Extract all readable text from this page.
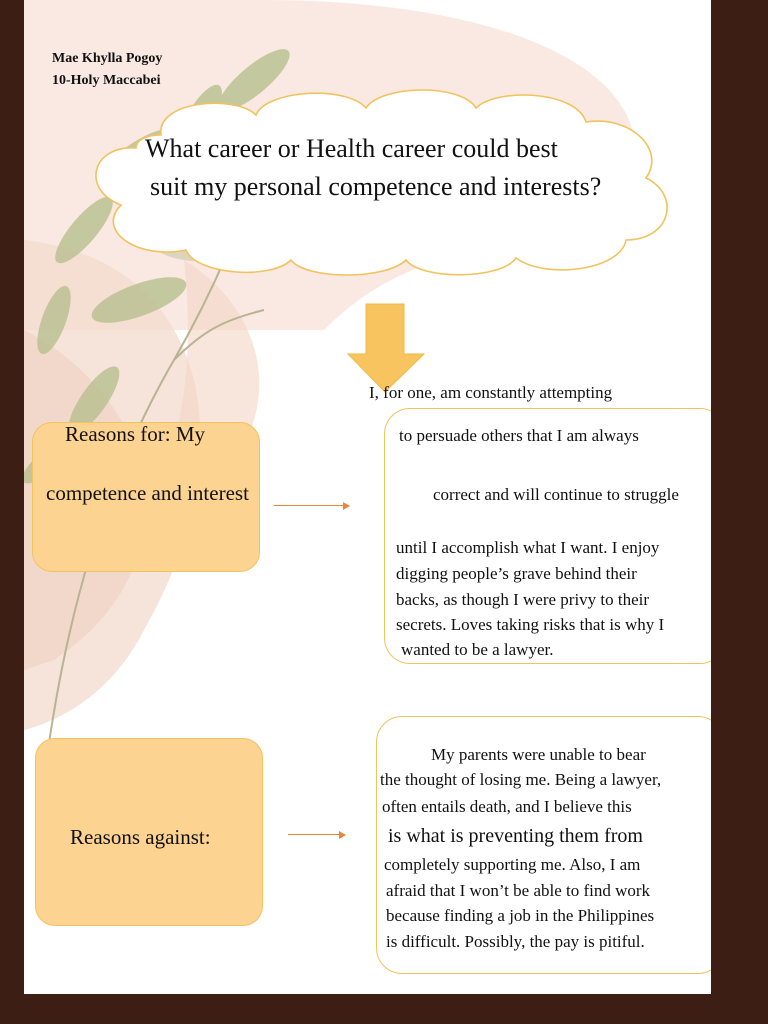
Mae Khylla Pogoy
10-Holy Maccabei
What career or Health career could best
suit my personal competence and interests?
Reasons for: My
competence and interest
I, for one, am constantly attempting
to persuade others that I am always
correct and will continue to struggle
until I accomplish what I want. I enjoy
digging people’s grave behind their
backs, as though I were privy to their
secrets. Loves taking risks that is why I
wanted to be a lawyer.
Reasons against:
My parents were unable to bear
the thought of losing me. Being a lawyer,
often entails death, and I believe this
is what is preventing them from
completely supporting me. Also, I am
afraid that I won’t be able to find work
because finding a job in the Philippines
is difficult. Possibly, the pay is pitiful.
